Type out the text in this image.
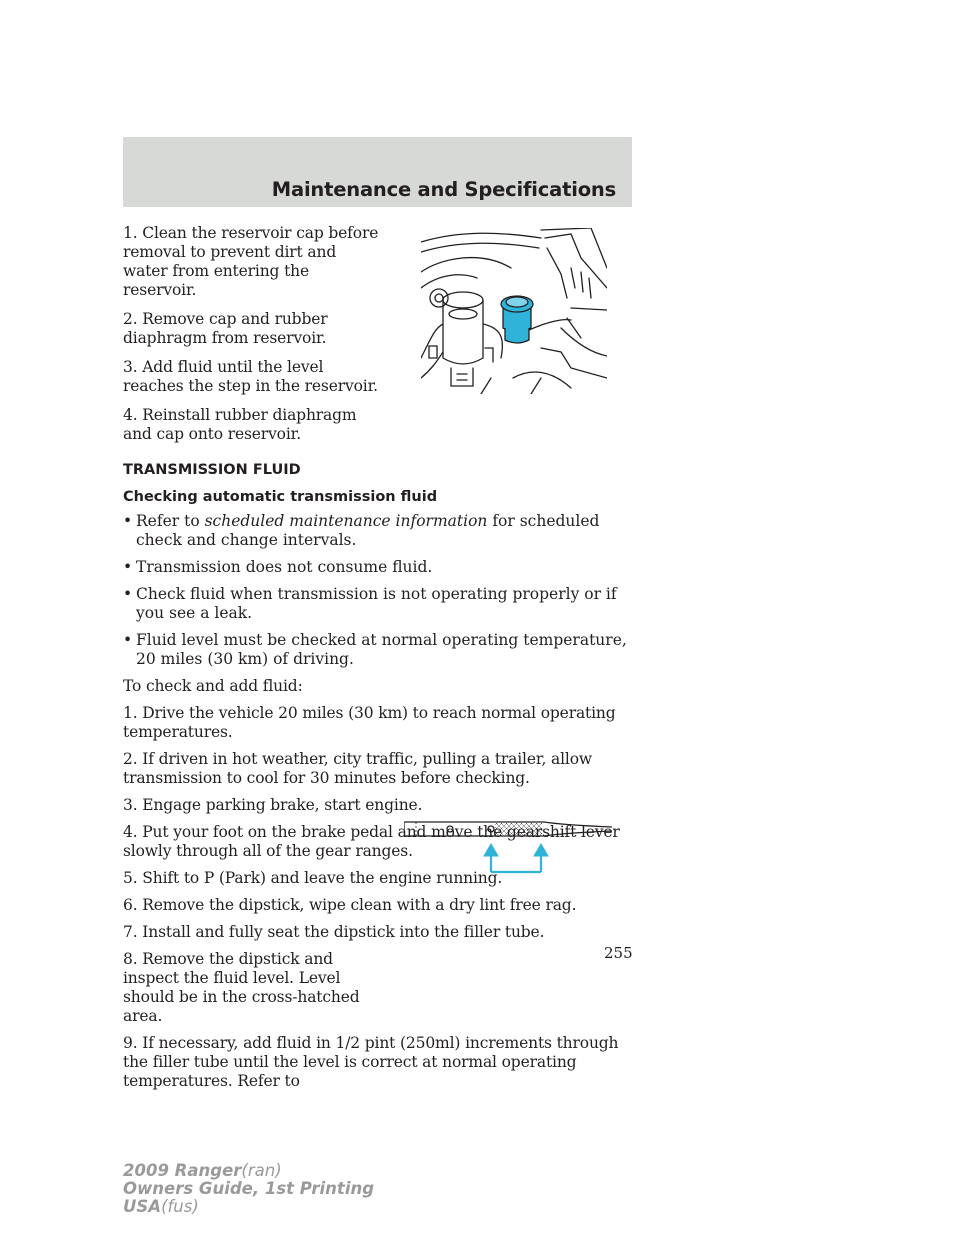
Maintenance and Specifications

1. Clean the reservoir cap before removal to prevent dirt and water from entering the reservoir.

2. Remove cap and rubber diaphragm from reservoir.

3. Add fluid until the level reaches the step in the reservoir.

4. Reinstall rubber diaphragm and cap onto reservoir.

TRANSMISSION FLUID
Checking automatic transmission fluid
• Refer to scheduled maintenance information for scheduled check and change intervals.
• Transmission does not consume fluid.
• Check fluid when transmission is not operating properly or if you see a leak.
• Fluid level must be checked at normal operating temperature, 20 miles (30 km) of driving.

To check and add fluid:

1. Drive the vehicle 20 miles (30 km) to reach normal operating temperatures.

2. If driven in hot weather, city traffic, pulling a trailer, allow transmission to cool for 30 minutes before checking.

3. Engage parking brake, start engine.

4. Put your foot on the brake pedal and move the gearshift lever slowly through all of the gear ranges.

5. Shift to P (Park) and leave the engine running.

6. Remove the dipstick, wipe clean with a dry lint free rag.

7. Install and fully seat the dipstick into the filler tube.

8. Remove the dipstick and inspect the fluid level. Level should be in the cross-hatched area.

9. If necessary, add fluid in 1/2 pint (250ml) increments through the filler tube until the level is correct at normal operating temperatures. Refer to

255
2009 Ranger(ran)
Owners Guide, 1st Printing
USA(fus)
